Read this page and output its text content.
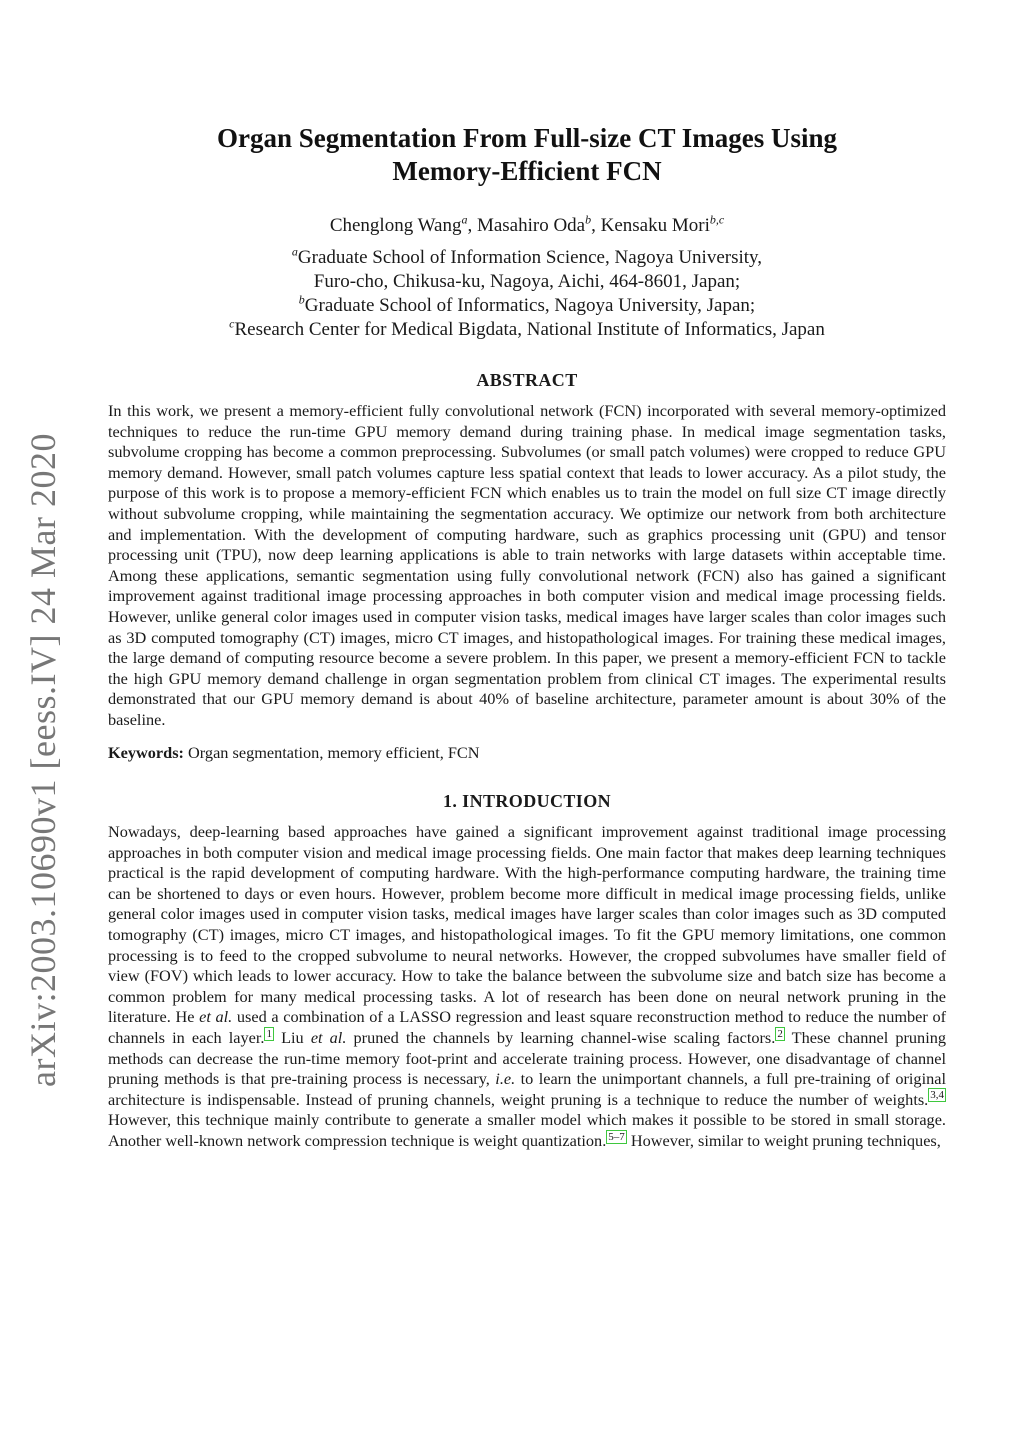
arXiv:2003.10690v1 [eess.IV] 24 Mar 2020
Organ Segmentation From Full-size CT Images Using
Memory-Efficient FCN
Chenglong Wang$^a$, Masahiro Oda$^b$, Kensaku Mori$^{b,c}$
$^a$Graduate School of Information Science, Nagoya University,
Furo-cho, Chikusa-ku, Nagoya, Aichi, 464-8601, Japan;
$^b$Graduate School of Informatics, Nagoya University, Japan;
$^c$Research Center for Medical Bigdata, National Institute of Informatics, Japan
ABSTRACT

In this work, we present a memory-efficient fully convolutional network (FCN) incorporated with several memory-optimized techniques to reduce the run-time GPU memory demand during training phase. In medical image segmentation tasks, subvolume cropping has become a common preprocessing. Subvolumes (or small patch volumes) were cropped to reduce GPU memory demand. However, small patch volumes capture less spatial context that leads to lower accuracy. As a pilot study, the purpose of this work is to propose a memory-efficient FCN which enables us to train the model on full size CT image directly without subvolume cropping, while maintaining the segmentation accuracy. We optimize our network from both architecture and implementation. With the development of computing hardware, such as graphics processing unit (GPU) and tensor processing unit (TPU), now deep learning applications is able to train networks with large datasets within acceptable time. Among these applications, semantic segmentation using fully convolutional network (FCN) also has gained a significant improvement against traditional image processing approaches in both computer vision and medical image processing fields. However, unlike general color images used in computer vision tasks, medical images have larger scales than color images such as 3D computed tomography (CT) images, micro CT images, and histopathological images. For training these medical images, the large demand of computing resource become a severe problem. In this paper, we present a memory-efficient FCN to tackle the high GPU memory demand challenge in organ segmentation problem from clinical CT images. The experimental results demonstrated that our GPU memory demand is about 40% of baseline architecture, parameter amount is about 30% of the baseline.

Keywords: Organ segmentation, memory efficient, FCN
1. INTRODUCTION

Nowadays, deep-learning based approaches have gained a significant improvement against traditional image processing approaches in both computer vision and medical image processing fields. One main factor that makes deep learning techniques practical is the rapid development of computing hardware. With the high-performance computing hardware, the training time can be shortened to days or even hours. However, problem become more difficult in medical image processing fields, unlike general color images used in computer vision tasks, medical images have larger scales than color images such as 3D computed tomography (CT) images, micro CT images, and histopathological images. To fit the GPU memory limitations, one common processing is to feed to the cropped subvolume to neural networks. However, the cropped subvolumes have smaller field of view (FOV) which leads to lower accuracy. How to take the balance between the subvolume size and batch size has become a common problem for many medical processing tasks. A lot of research has been done on neural network pruning in the literature. He et al. used a combination of a LASSO regression and least square reconstruction method to reduce the number of channels in each layer. $^1$ Liu et al. pruned the channels by learning channel-wise scaling factors. $^2$ These channel pruning methods can decrease the run-time memory foot-print and accelerate training process. However, one disadvantage of channel pruning methods is that pre-training process is necessary, i.e. to learn the unimportant channels, a full pre-training of original architecture is indispensable. Instead of pruning channels, weight pruning is a technique to reduce the number of weights. $^{3,4}$ However, this technique mainly contribute to generate a smaller model which makes it possible to be stored in small storage. Another well-known network compression technique is weight quantization. $^{5-7}$ However, similar to weight pruning techniques,
